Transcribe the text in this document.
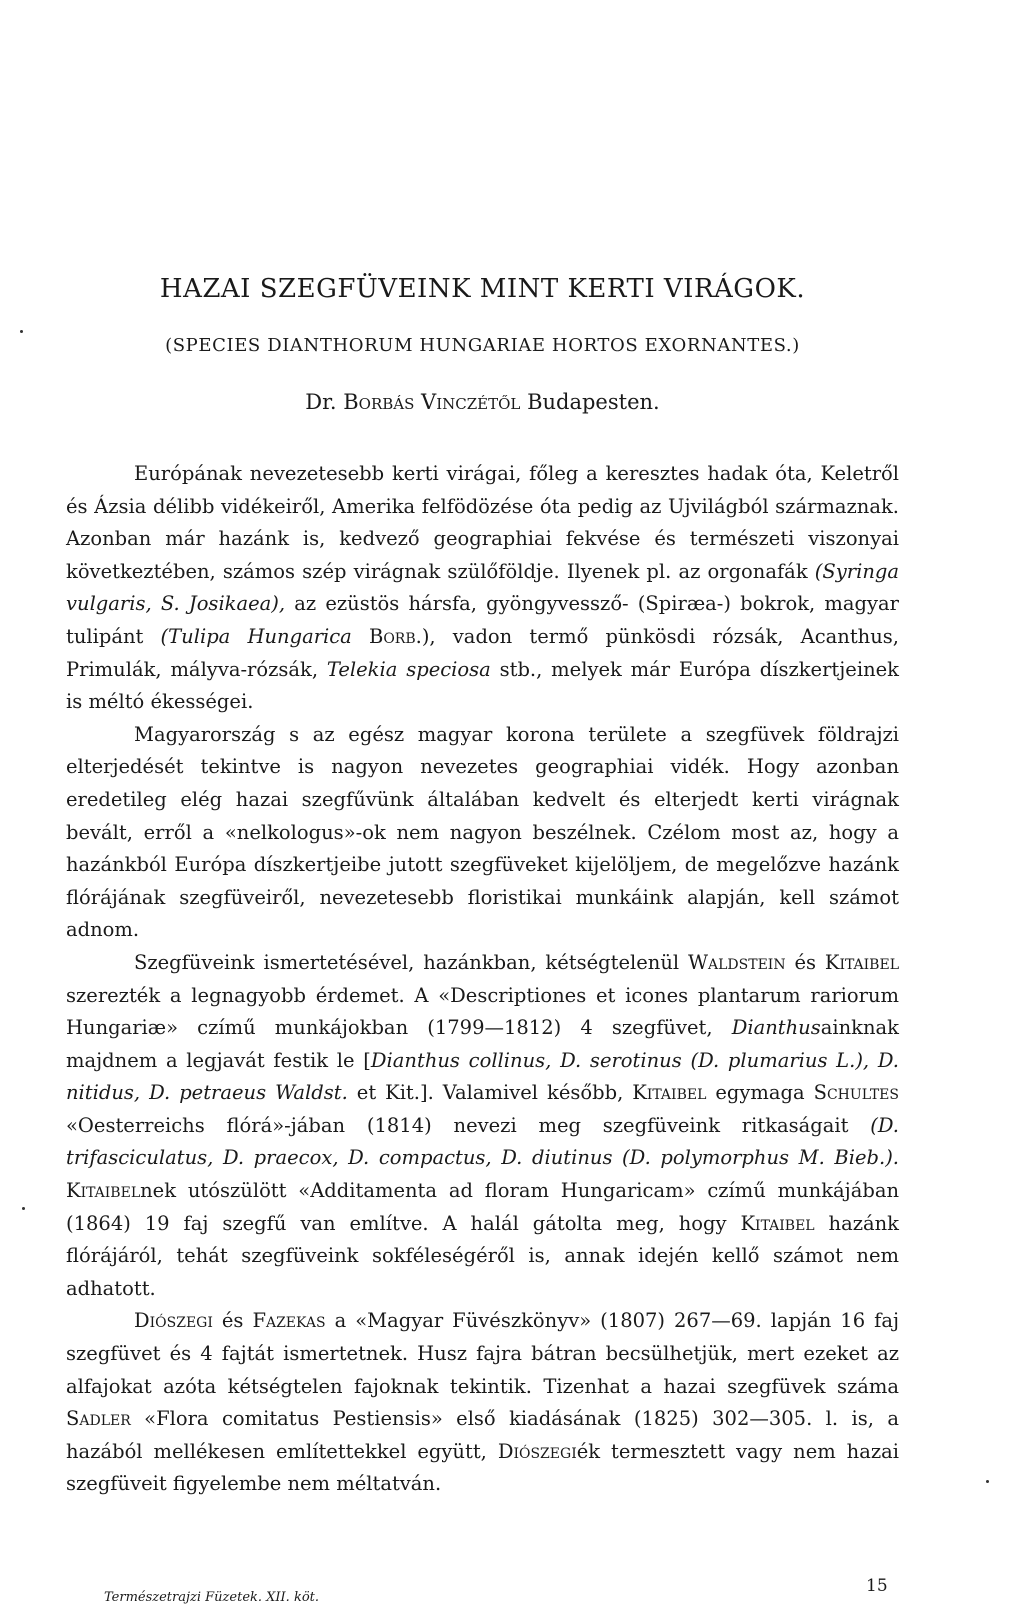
HAZAI SZEGFÜVEINK MINT KERTI VIRÁGOK.
(SPECIES DIANTHORUM HUNGARIAE HORTOS EXORNANTES.)
Dr. Borbás Vinczétől Budapesten.

Európának nevezetesebb kerti virágai, főleg a keresztes hadak óta, Keletről és Ázsia délibb vidékeiről, Amerika felfödözése óta pedig az Ujvilágból származnak. Azonban már hazánk is, kedvező geographiai fekvése és természeti viszonyai következtében, számos szép virágnak szülőföldje. Ilyenek pl. az orgonafák (Syringa vulgaris, S. Josikaea), az ezüstös hársfa, gyöngyvessző- (Spiræa-) bokrok, magyar tulipánt (Tulipa Hungarica Borb.), vadon termő pünkösdi rózsák, Acanthus, Primulák, mályva-rózsák, Telekia speciosa stb., melyek már Európa díszkertjeinek is méltó ékességei.

Magyarország s az egész magyar korona területe a szegfüvek földrajzi elterjedését tekintve is nagyon nevezetes geographiai vidék. Hogy azonban eredetileg elég hazai szegfűvünk általában kedvelt és elterjedt kerti virágnak bevált, erről a «nelkologus»-ok nem nagyon beszélnek. Czélom most az, hogy a hazánkból Európa díszkertjeibe jutott szegfüveket kijelöljem, de megelőzve hazánk flórájának szegfüveiről, nevezetesebb floristikai munkáink alapján, kell számot adnom.

Szegfüveink ismertetésével, hazánkban, kétségtelenül Waldstein és Kitaibel szerezték a legnagyobb érdemet. A «Descriptiones et icones plantarum rariorum Hungariæ» czímű munkájokban (1799—1812) 4 szegfüvet, Dianthusainknak majdnem a legjavát festik le [Dianthus collinus, D. serotinus (D. plumarius L.), D. nitidus, D. petraeus Waldst. et Kit.]. Valamivel később, Kitaibel egymaga Schultes «Oesterreichs flórá»-jában (1814) nevezi meg szegfüveink ritkaságait (D. trifasciculatus, D. praecox, D. compactus, D. diutinus (D. polymorphus M. Bieb.). Kitaibelnek utószülött «Additamenta ad floram Hungaricam» czímű munkájában (1864) 19 faj szegfű van említve. A halál gátolta meg, hogy Kitaibel hazánk flórájáról, tehát szegfüveink sokféleségéről is, annak idején kellő számot nem adhatott.

Diószegi és Fazekas a «Magyar Füvészkönyv» (1807) 267—69. lapján 16 faj szegfüvet és 4 fajtát ismertetnek. Husz fajra bátran becsülhetjük, mert ezeket az alfajokat azóta kétségtelen fajoknak tekintik. Tizenhat a hazai szegfüvek száma Sadler «Flora comitatus Pestiensis» első kiadásának (1825) 302—305. l. is, a hazából mellékesen említettekkel együtt, Diószegiék termesztett vagy nem hazai szegfüveit figyelembe nem méltatván.

Természetrajzi Füzetek. XII. köt.
15
